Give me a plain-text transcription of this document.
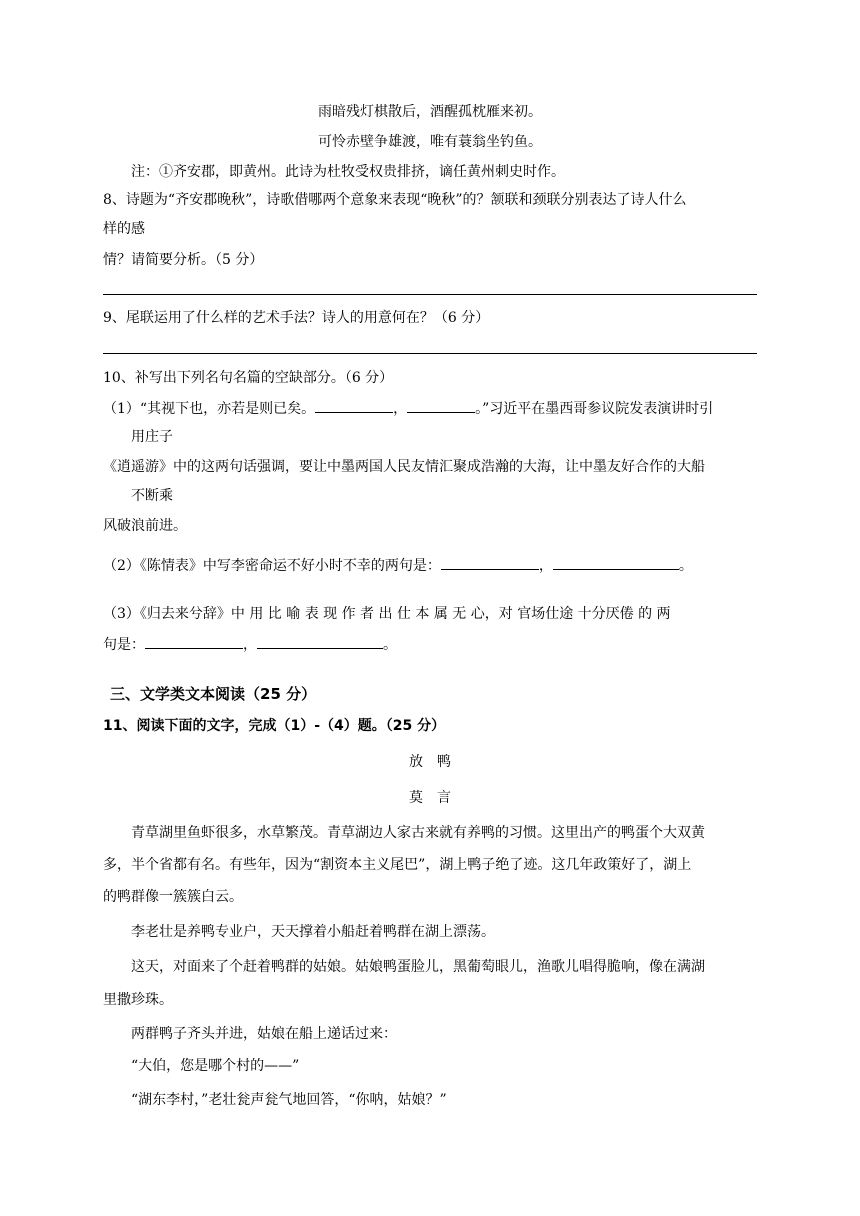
雨暗残灯棋散后，酒醒孤枕雁来初。
可怜赤壁争雄渡，唯有蓑翁坐钓鱼。
注：①齐安郡，即黄州。此诗为杜牧受权贵排挤，谪任黄州刺史时作。
8、诗题为“齐安郡晚秋”，诗歌借哪两个意象来表现“晚秋”的？颔联和颈联分别表达了诗人什么
样的感
情？请简要分析。（5 分）
9、尾联运用了什么样的艺术手法？诗人的用意何在？（6 分）
10、补写出下列名句名篇的空缺部分。（6 分）
（1）“其视下也，亦若是则已矣。	，	。”习近平在墨西哥参议院发表演讲时引
用庄子
《逍遥游》中的这两句话强调，要让中墨两国人民友情汇聚成浩瀚的大海，让中墨友好合作的大船
不断乘
风破浪前进。
（2）《陈情表》中写李密命运不好小时不幸的两句是：	，	。
（3）《归去来兮辞》中 用 比 喻 表 现 作 者 出 仕 本 属 无 心，对 官场仕途 十分厌倦 的 两
句是：	，	。
三、文学类文本阅读（25 分）
11、阅读下面的文字，完成（1）-（4）题。（25 分）
放　鸭
莫　言
青草湖里鱼虾很多，水草繁茂。青草湖边人家古来就有养鸭的习惯。这里出产的鸭蛋个大双黄
多，半个省都有名。有些年，因为“割资本主义尾巴”，湖上鸭子绝了迹。这几年政策好了，湖上
的鸭群像一簇簇白云。
李老壮是养鸭专业户，天天撑着小船赶着鸭群在湖上漂荡。
这天，对面来了个赶着鸭群的姑娘。姑娘鸭蛋脸儿，黑葡萄眼儿，渔歌儿唱得脆响，像在满湖
里撒珍珠。
两群鸭子齐头并进，姑娘在船上递话过来：
“大伯，您是哪个村的——”
“湖东李村，”老壮瓮声瓮气地回答，“你呐，姑娘？”
